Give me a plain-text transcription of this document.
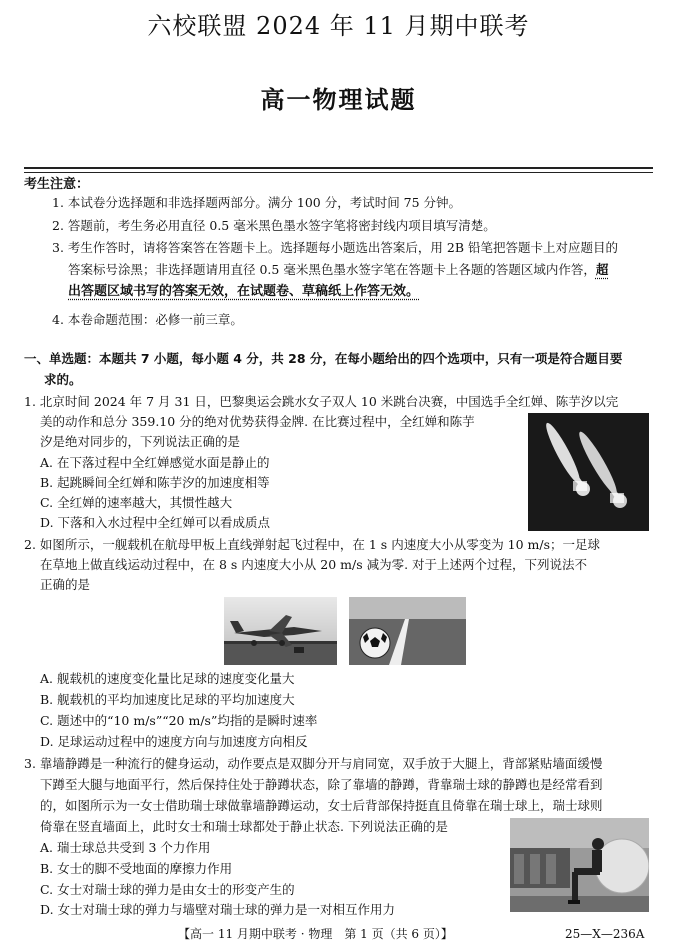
六校联盟 2024 年 11 月期中联考
高一物理试题
考生注意：
1. 本试卷分选择题和非选择题两部分。满分 100 分，考试时间 75 分钟。
2. 答题前，考生务必用直径 0.5 毫米黑色墨水签字笔将密封线内项目填写清楚。
3. 考生作答时，请将答案答在答题卡上。选择题每小题选出答案后，用 2B 铅笔把答题卡上对应题目的
答案标号涂黑；非选择题请用直径 0.5 毫米黑色墨水签字笔在答题卡上各题的答题区域内作答，超
出答题区域书写的答案无效，在试题卷、草稿纸上作答无效。
4. 本卷命题范围：必修一前三章。
一、单选题：本题共 7 小题，每小题 4 分，共 28 分，在每小题给出的四个选项中，只有一项是符合题目要
求的。
1. 北京时间 2024 年 7 月 31 日，巴黎奥运会跳水女子双人 10 米跳台决赛，中国选手全红婵、陈芋汐以完
美的动作和总分 359.10 分的绝对优势获得金牌. 在比赛过程中，全红婵和陈芋
汐是绝对同步的，下列说法正确的是
A. 在下落过程中全红婵感觉水面是静止的
B. 起跳瞬间全红婵和陈芋汐的加速度相等
C. 全红婵的速率越大，其惯性越大
D. 下落和入水过程中全红婵可以看成质点
2. 如图所示，一舰载机在航母甲板上直线弹射起飞过程中，在 1 s 内速度大小从零变为 10 m/s；一足球
在草地上做直线运动过程中，在 8 s 内速度大小从 20 m/s 减为零. 对于上述两个过程，下列说法不
正确的是
A. 舰载机的速度变化量比足球的速度变化量大
B. 舰载机的平均加速度比足球的平均加速度大
C. 题述中的“10 m/s”“20 m/s”均指的是瞬时速率
D. 足球运动过程中的速度方向与加速度方向相反
3. 靠墙静蹲是一种流行的健身运动，动作要点是双脚分开与肩同宽，双手放于大腿上，背部紧贴墙面缓慢
下蹲至大腿与地面平行，然后保持住处于静蹲状态，除了靠墙的静蹲，背靠瑞士球的静蹲也是经常看到
的，如图所示为一女士借助瑞士球做靠墙静蹲运动，女士后背部保持挺直且倚靠在瑞士球上，瑞士球则
倚靠在竖直墙面上，此时女士和瑞士球都处于静止状态. 下列说法正确的是
A. 瑞士球总共受到 3 个力作用
B. 女士的脚不受地面的摩擦力作用
C. 女士对瑞士球的弹力是由女士的形变产生的
D. 女士对瑞士球的弹力与墙壁对瑞士球的弹力是一对相互作用力
【高一 11 月期中联考 · 物理　第 1 页（共 6 页）】	25—X—236A
